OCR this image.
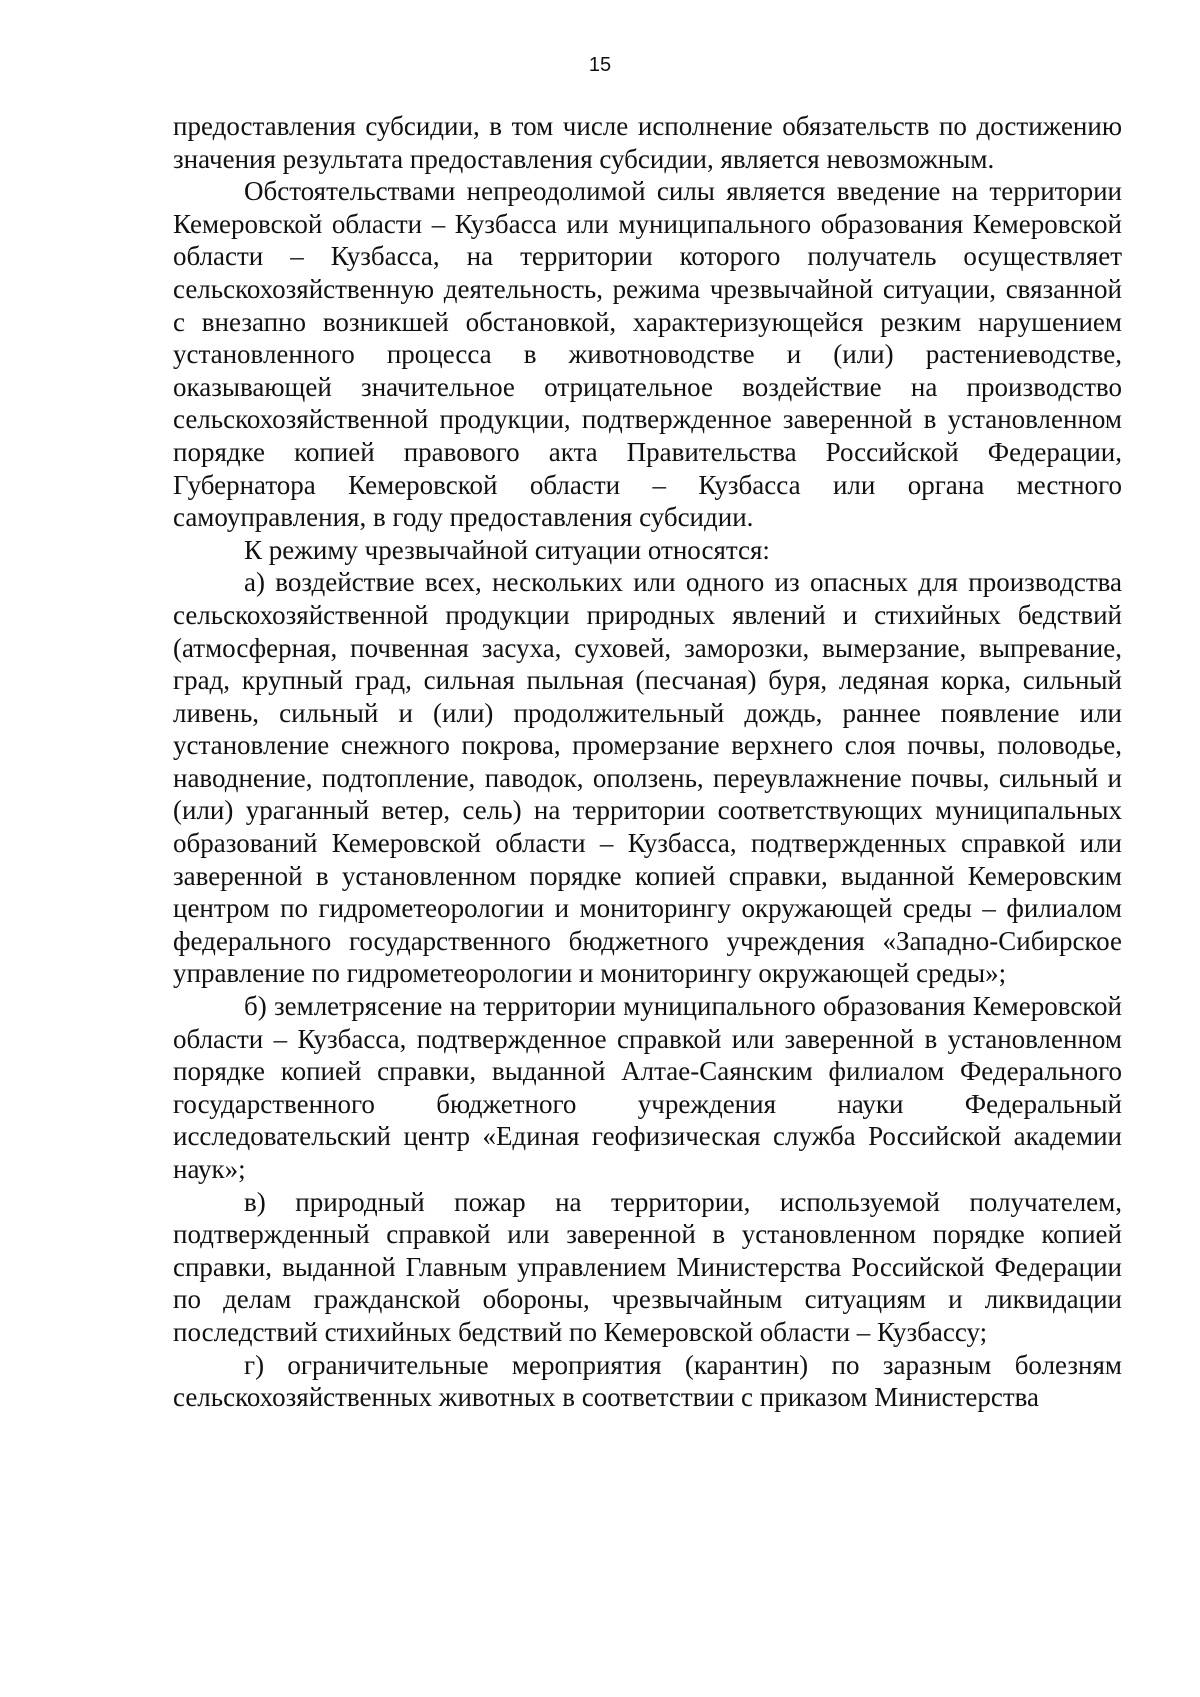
15

предоставления субсидии, в том числе исполнение обязательств по достижению значения результата предоставления субсидии, является невозможным.

Обстоятельствами непреодолимой силы является введение на территории Кемеровской области – Кузбасса или муниципального образования Кемеровской области – Кузбасса, на территории которого получатель осуществляет сельскохозяйственную деятельность, режима чрезвычайной ситуации, связанной с внезапно возникшей обстановкой, характеризующейся резким нарушением установленного процесса в животноводстве и (или) растениеводстве, оказывающей значительное отрицательное воздействие на производство сельскохозяйственной продукции, подтвержденное заверенной в установленном порядке копией правового акта Правительства Российской Федерации, Губернатора Кемеровской области – Кузбасса или органа местного самоуправления, в году предоставления субсидии.

К режиму чрезвычайной ситуации относятся:

а) воздействие всех, нескольких или одного из опасных для производства сельскохозяйственной продукции природных явлений и стихийных бедствий (атмосферная, почвенная засуха, суховей, заморозки, вымерзание, выпревание, град, крупный град, сильная пыльная (песчаная) буря, ледяная корка, сильный ливень, сильный и (или) продолжительный дождь, раннее появление или установление снежного покрова, промерзание верхнего слоя почвы, половодье, наводнение, подтопление, паводок, оползень, переувлажнение почвы, сильный и (или) ураганный ветер, сель) на территории соответствующих муниципальных образований Кемеровской области – Кузбасса, подтвержденных справкой или заверенной в установленном порядке копией справки, выданной Кемеровским центром по гидрометеорологии и мониторингу окружающей среды – филиалом федерального государственного бюджетного учреждения «Западно-Сибирское управление по гидрометеорологии и мониторингу окружающей среды»;

б) землетрясение на территории муниципального образования Кемеровской области – Кузбасса, подтвержденное справкой или заверенной в установленном порядке копией справки, выданной Алтае-Саянским филиалом Федерального государственного бюджетного учреждения науки Федеральный исследовательский центр «Единая геофизическая служба Российской академии наук»;

в) природный пожар на территории, используемой получателем, подтвержденный справкой или заверенной в установленном порядке копией справки, выданной Главным управлением Министерства Российской Федерации по делам гражданской обороны, чрезвычайным ситуациям и ликвидации последствий стихийных бедствий по Кемеровской области – Кузбассу;

г) ограничительные мероприятия (карантин) по заразным болезням сельскохозяйственных животных в соответствии с приказом Министерства
